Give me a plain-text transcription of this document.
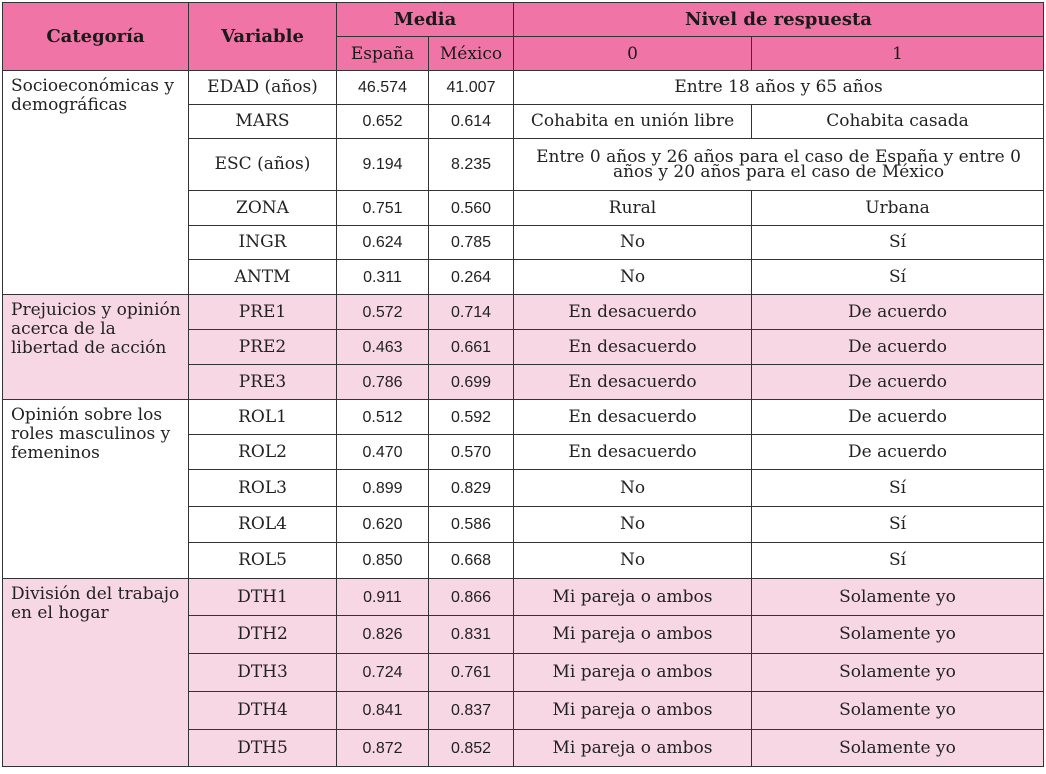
Categoría	Variable	Media		Nivel de respuesta	
		España	México	0	1
Socioeconómicas y demográficas	EDAD (años)	46.574	41.007	Entre 18 años y 65 años	
	MARS	0.652	0.614	Cohabita en unión libre	Cohabita casada
	ESC (años)	9.194	8.235	Entre 0 años y 26 años para el caso de España y entre 0 años y 20 años para el caso de México	
	ZONA	0.751	0.560	Rural	Urbana
	INGR	0.624	0.785	No	Sí
	ANTM	0.311	0.264	No	Sí
Prejuicios y opinión acerca de la libertad de acción	PRE1	0.572	0.714	En desacuerdo	De acuerdo
	PRE2	0.463	0.661	En desacuerdo	De acuerdo
	PRE3	0.786	0.699	En desacuerdo	De acuerdo
Opinión sobre los roles masculinos y femeninos	ROL1	0.512	0.592	En desacuerdo	De acuerdo
	ROL2	0.470	0.570	En desacuerdo	De acuerdo
	ROL3	0.899	0.829	No	Sí
	ROL4	0.620	0.586	No	Sí
	ROL5	0.850	0.668	No	Sí
División del trabajo en el hogar	DTH1	0.911	0.866	Mi pareja o ambos	Solamente yo
	DTH2	0.826	0.831	Mi pareja o ambos	Solamente yo
	DTH3	0.724	0.761	Mi pareja o ambos	Solamente yo
	DTH4	0.841	0.837	Mi pareja o ambos	Solamente yo
	DTH5	0.872	0.852	Mi pareja o ambos	Solamente yo
